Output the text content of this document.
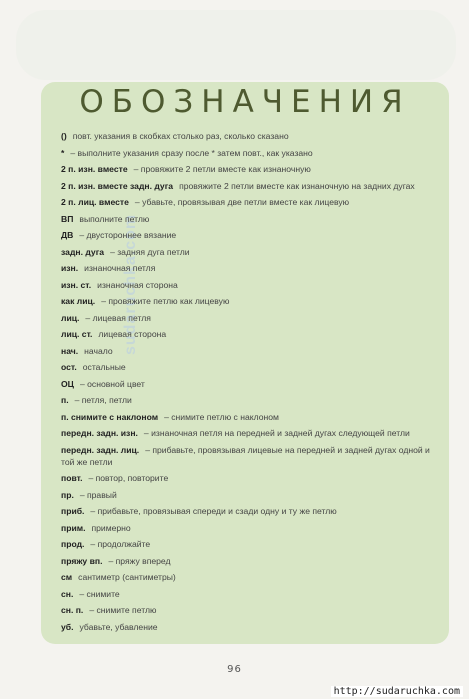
ОБОЗНАЧЕНИЯ
sudaruchka.com
() повт. указания в скобках столько раз, сколько сказано
* – выполните указания сразу после * затем повт., как указано
2 п. изн. вместе – провяжите 2 петли вместе как изнаночную
2 п. изн. вместе задн. дуга провяжите 2 петли вместе как изнаночную на задних дугах
2 п. лиц. вместе – убавьте, провязывая две петли вместе как лицевую
ВП выполните петлю
ДВ – двустороннее вязание
задн. дуга – задняя дуга петли
изн. изнаночная петля
изн. ст. изнаночная сторона
как лиц. – провяжите петлю как лицевую
лиц. – лицевая петля
лиц. ст. лицевая сторона
нач. начало
ост. остальные
ОЦ – основной цвет
п. – петля, петли
п. снимите с наклоном – снимите петлю с наклоном
передн. задн. изн. – изнаночная петля на передней и задней дугах следующей петли
передн. задн. лиц. – прибавьте, провязывая лицевые на передней и задней дугах одной и той же петли
повт. – повтор, повторите
пр. – правый
приб. – прибавьте, провязывая спереди и сзади одну и ту же петлю
прим. примерно
прод. – продолжайте
пряжу вп. – пряжу вперед
см сантиметр (сантиметры)
сн. – снимите
сн. п. – снимите петлю
уб. убавьте, убавление
96
http://sudaruchka.com
